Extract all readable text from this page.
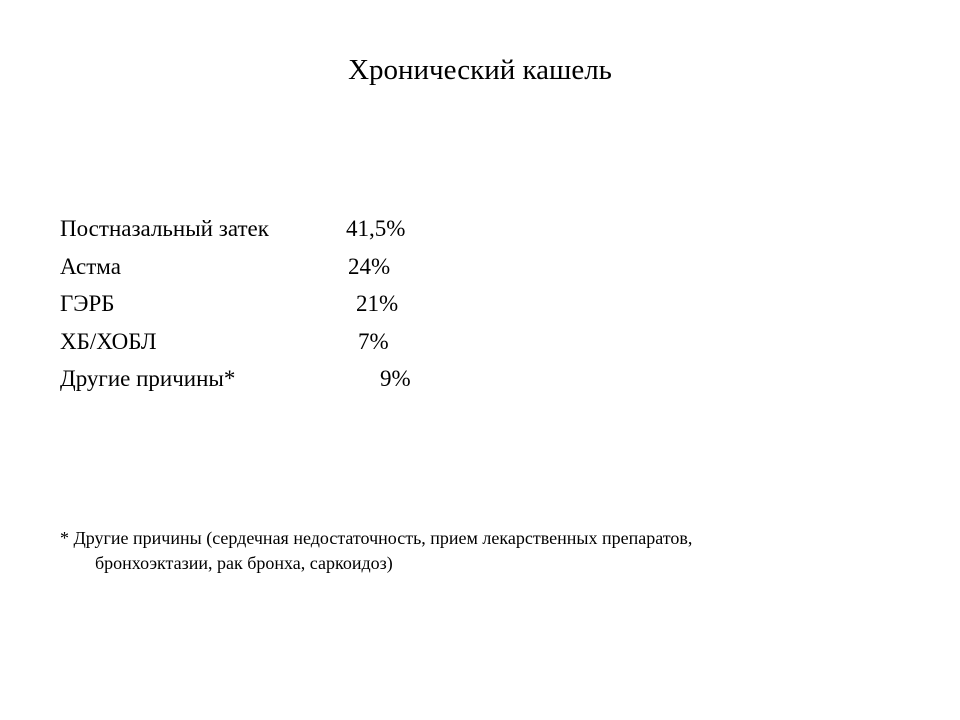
Хронический кашель
Постназальный затек	41,5%
Астма	24%
ГЭРБ	21%
ХБ/ХОБЛ	7%
Другие причины*	9%
* Другие причины (сердечная недостаточность, прием лекарственных препаратов,
бронхоэктазии, рак бронха, саркоидоз)
